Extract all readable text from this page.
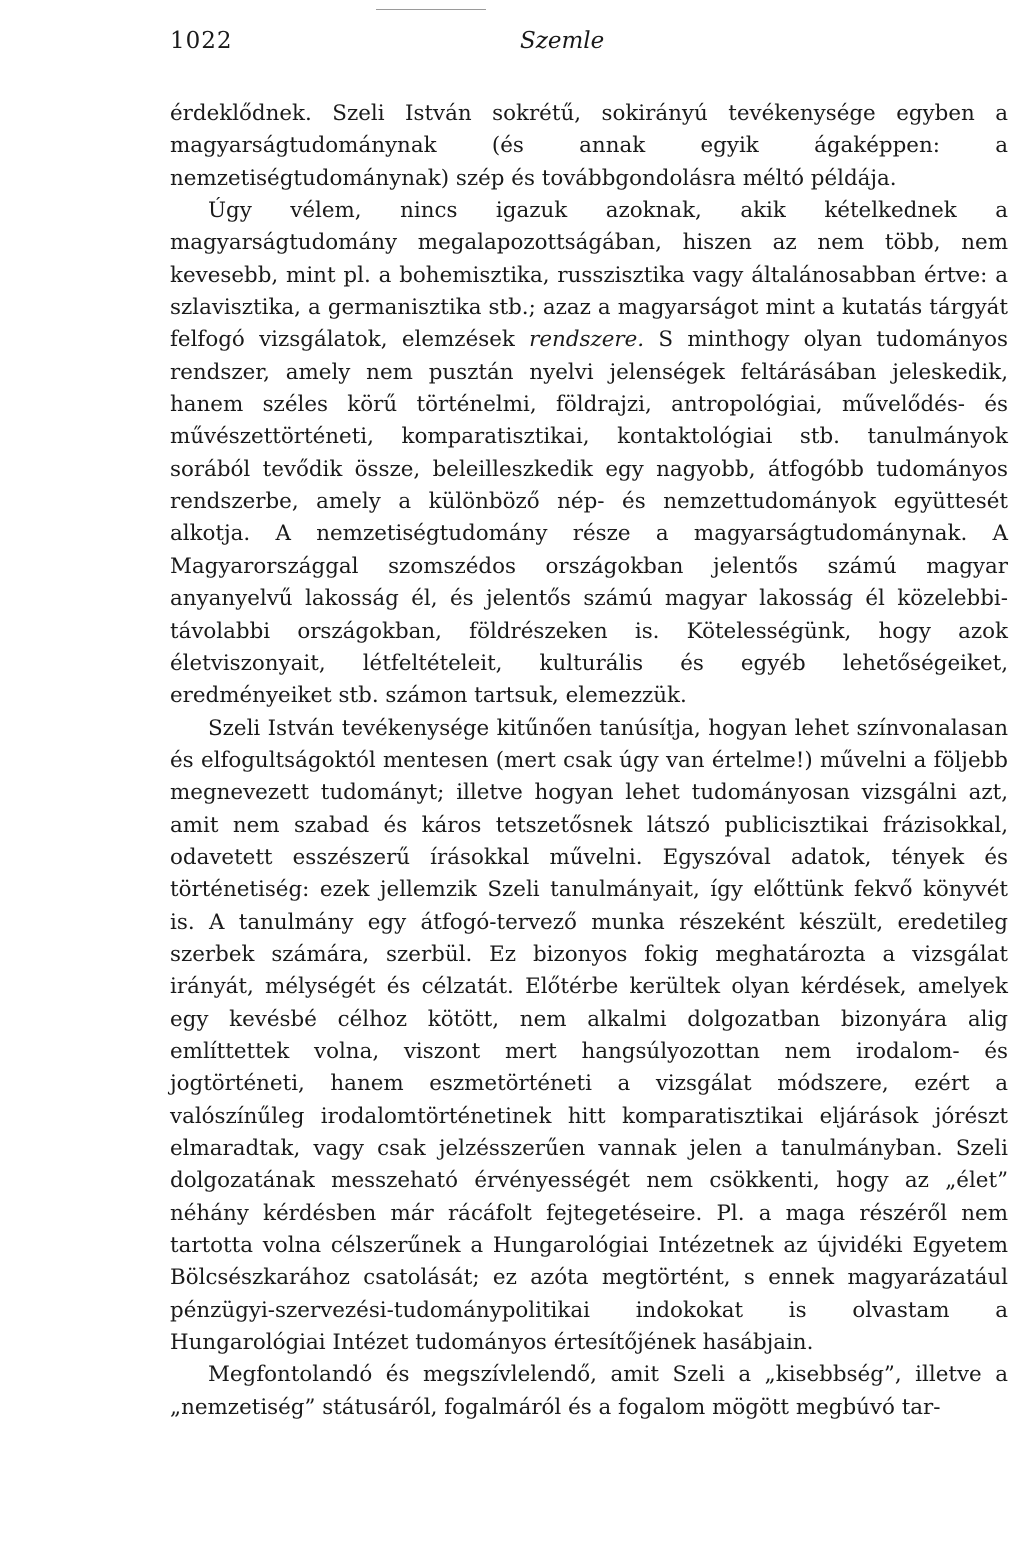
1022	Szemle

érdeklődnek. Szeli István sokrétű, sokirányú tevékenysége egyben a magyarságtudománynak (és annak egyik ágaképpen: a nemzetiségtudománynak) szép és továbbgondolásra méltó példája.

Úgy vélem, nincs igazuk azoknak, akik kételkednek a magyarságtudomány megalapozottságában, hiszen az nem több, nem kevesebb, mint pl. a bohemisztika, russzisztika vagy általánosabban értve: a szlavisztika, a germanisztika stb.; azaz a magyarságot mint a kutatás tárgyát felfogó vizsgálatok, elemzések rendszere. S minthogy olyan tudományos rendszer, amely nem pusztán nyelvi jelenségek feltárásában jeleskedik, hanem széles körű történelmi, földrajzi, antropológiai, művelődés- és művészettörténeti, komparatisztikai, kontaktológiai stb. tanulmányok sorából tevődik össze, beleilleszkedik egy nagyobb, átfogóbb tudományos rendszerbe, amely a különböző nép- és nemzettudományok együttesét alkotja. A nemzetiségtudomány része a magyarságtudománynak. A Magyarországgal szomszédos országokban jelentős számú magyar anyanyelvű lakosság él, és jelentős számú magyar lakosság él közelebbi-távolabbi országokban, földrészeken is. Kötelességünk, hogy azok életviszonyait, létfeltételeit, kulturális és egyéb lehetőségeiket, eredményeiket stb. számon tartsuk, elemezzük.

Szeli István tevékenysége kitűnően tanúsítja, hogyan lehet színvonalasan és elfogultságoktól mentesen (mert csak úgy van értelme!) művelni a följebb megnevezett tudományt; illetve hogyan lehet tudományosan vizsgálni azt, amit nem szabad és káros tetszetősnek látszó publicisztikai frázisokkal, odavetett esszészerű írásokkal művelni. Egyszóval adatok, tények és történetiség: ezek jellemzik Szeli tanulmányait, így előttünk fekvő könyvét is. A tanulmány egy átfogó-tervező munka részeként készült, eredetileg szerbek számára, szerbül. Ez bizonyos fokig meghatározta a vizsgálat irányát, mélységét és célzatát. Előtérbe kerültek olyan kérdések, amelyek egy kevésbé célhoz kötött, nem alkalmi dolgozatban bizonyára alig említtettek volna, viszont mert hangsúlyozottan nem irodalom- és jogtörténeti, hanem eszmetörténeti a vizsgálat módszere, ezért a valószínűleg irodalomtörténetinek hitt komparatisztikai eljárások jórészt elmaradtak, vagy csak jelzésszerűen vannak jelen a tanulmányban. Szeli dolgozatának messzeható érvényességét nem csökkenti, hogy az „élet” néhány kérdésben már rácáfolt fejtegetéseire. Pl. a maga részéről nem tartotta volna célszerűnek a Hungarológiai Intézetnek az újvidéki Egyetem Bölcsészkarához csatolását; ez azóta megtörtént, s ennek magyarázatául pénzügyi-szervezési-tudománypolitikai indokokat is olvastam a Hungarológiai Intézet tudományos értesítőjének hasábjain.

Megfontolandó és megszívlelendő, amit Szeli a „kisebbség”, illetve a „nemzetiség” státusáról, fogalmáról és a fogalom mögött megbúvó tar-
